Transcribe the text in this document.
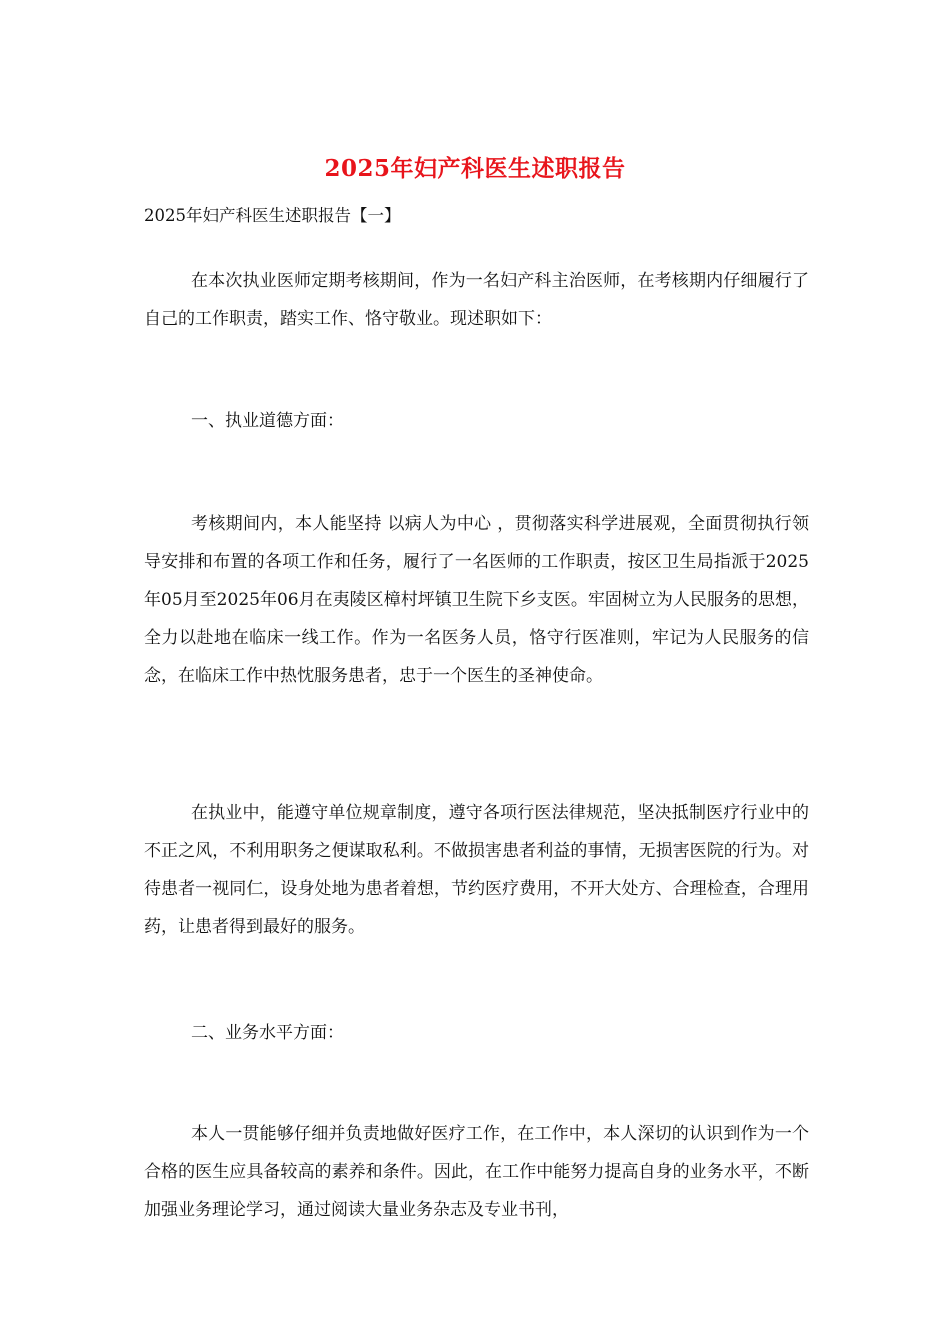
2025年妇产科医生述职报告
2025年妇产科医生述职报告【一】

在本次执业医师定期考核期间，作为一名妇产科主治医师，在考核期内仔细履行了自己的工作职责，踏实工作、恪守敬业。现述职如下：

一、执业道德方面：

考核期间内，本人能坚持 以病人为中心 ，贯彻落实科学进展观，全面贯彻执行领导安排和布置的各项工作和任务，履行了一名医师的工作职责，按区卫生局指派于2025年05月至2025年06月在夷陵区樟村坪镇卫生院下乡支医。牢固树立为人民服务的思想，全力以赴地在临床一线工作。作为一名医务人员，恪守行医准则，牢记为人民服务的信念，在临床工作中热忱服务患者，忠于一个医生的圣神使命。

在执业中，能遵守单位规章制度，遵守各项行医法律规范，坚决抵制医疗行业中的不正之风，不利用职务之便谋取私利。不做损害患者利益的事情，无损害医院的行为。对待患者一视同仁，设身处地为患者着想，节约医疗费用，不开大处方、合理检查，合理用药，让患者得到最好的服务。

二、业务水平方面：

本人一贯能够仔细并负责地做好医疗工作，在工作中，本人深切的认识到作为一个合格的医生应具备较高的素养和条件。因此，在工作中能努力提高自身的业务水平，不断加强业务理论学习，通过阅读大量业务杂志及专业书刊，
